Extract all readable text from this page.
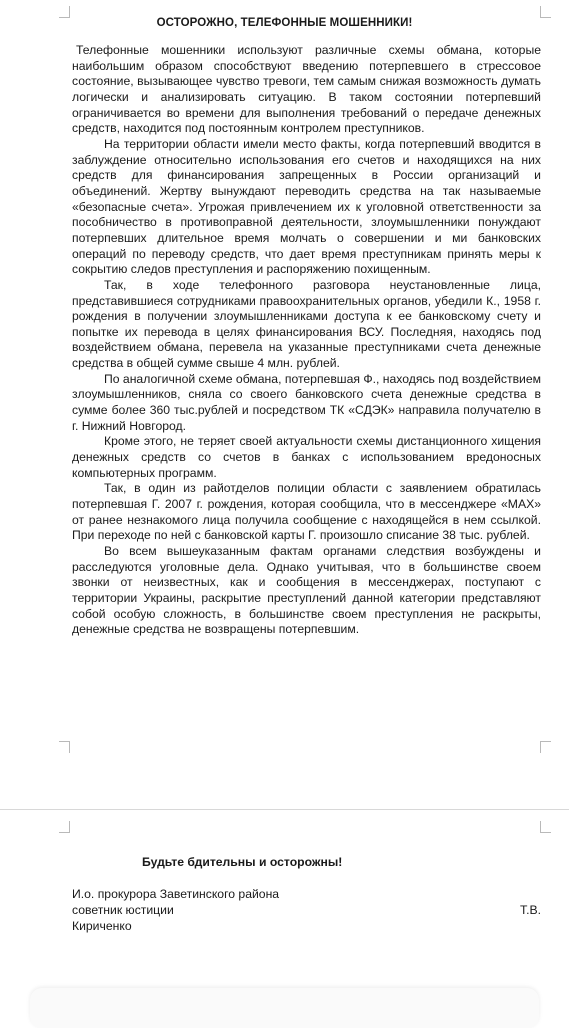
ОСТОРОЖНО, ТЕЛЕФОННЫЕ МОШЕННИКИ!

Телефонные мошенники используют различные схемы обмана, которые наибольшим образом способствуют введению потерпевшего в стрессовое состояние, вызывающее чувство тревоги, тем самым снижая возможность думать логически и анализировать ситуацию. В таком состоянии потерпевший ограничивается во времени для выполнения требований о передаче денежных средств, находится под постоянным контролем преступников.

На территории области имели место факты, когда потерпевший вводится в заблуждение относительно использования его счетов и находящихся на них средств для финансирования запрещенных в России организаций и объединений. Жертву вынуждают переводить средства на так называемые «безопасные счета». Угрожая привлечением их к уголовной ответственности за пособничество в противоправной деятельности, злоумышленники понуждают потерпевших длительное время молчать о совершении и ми банковских операций по переводу средств, что дает время преступникам принять меры к сокрытию следов преступления и распоряжению похищенным.

Так, в ходе телефонного разговора неустановленные лица, представившиеся сотрудниками правоохранительных органов, убедили К., 1958 г. рождения в получении злоумышленниками доступа к ее банковскому счету и попытке их перевода в целях финансирования ВСУ. Последняя, находясь под воздействием обмана, перевела на указанные преступниками счета денежные средства в общей сумме свыше 4 млн. рублей.

По аналогичной схеме обмана, потерпевшая Ф., находясь под воздействием злоумышленников, сняла со своего банковского счета денежные средства в сумме более 360 тыс.рублей и посредством ТК «СДЭК» направила получателю в г. Нижний Новгород.

Кроме этого, не теряет своей актуальности схемы дистанционного хищения денежных средств со счетов в банках с использованием вредоносных компьютерных программ.

Так, в один из райотделов полиции области с заявлением обратилась потерпевшая Г. 2007 г. рождения, которая сообщила, что в мессенджере «MAX» от ранее незнакомого лица получила сообщение с находящейся в нем ссылкой. При переходе по ней с банковской карты Г. произошло списание 38 тыс. рублей.

Во всем вышеуказанным фактам органами следствия возбуждены и расследуются уголовные дела. Однако учитывая, что в большинстве своем звонки от неизвестных, как и сообщения в мессенджерах, поступают с территории Украины, раскрытие преступлений данной категории представляют собой особую сложность, в большинстве своем преступления не раскрыты, денежные средства не возвращены потерпевшим.

Будьте бдительны и осторожны!
И.о. прокурора Заветинского района
советник юстиции
Кириченко
Т.В.
